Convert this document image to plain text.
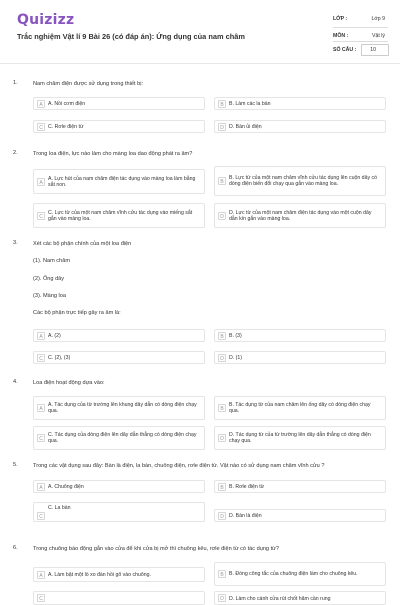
Quizizz
Trắc nghiệm Vật lí 9 Bài 26 (có đáp án): Ứng dụng của nam châm
LỚP :	Lớp 9
MÔN :	Vật lý
SỐ CÂU :	10
1.	Nam châm điện được sử dụng trong thiết bị:
A	A. Nồi cơm điện	B	B. Làm các la bàn
C C. Rơle điện từ	D D. Bàn ủi điện
2.	Trong loa điện, lực nào làm cho màng loa dao động phát ra âm?
A
A. Lực hút của nam châm điện tác dụng vào màng loa làm bằng sắt non.	B
B. Lực từ của một nam châm vĩnh cửu tác dụng lên cuộn dây có dòng điện biến đổi chạy qua gắn vào màng loa.
C
C. Lực từ của một nam châm vĩnh cửu tác dụng vào miếng sắt gắn vào màng loa.	D
D. Lực từ của một nam châm điện tác dụng vào một cuộn dây dẫn kín gắn vào màng loa.
3.	Xét các bộ phận chính của một loa điện
(1). Nam châm
(2). Ống dây
(3). Màng loa
Các bộ phận trực tiếp gây ra âm là:
A	A. (2)	B	B. (3)
C C. (2), (3)	D D. (1)
4.	Loa điện hoạt động dựa vào:
A
A. Tác dụng của từ trường lên khung dây dẫn có dòng điện chạy qua.	B
B. Tác dụng từ của nam châm lên ống dây có dòng điện chạy qua.
C
C. Tác dụng của dòng điện lên dây dẫn thẳng có dòng điện chạy qua.	D
D. Tác dụng từ của từ trường lên dây dẫn thẳng có dòng điện chạy qua.
5.	Trong các vật dụng sau đây: Bàn là điện, la bàn, chuông điện, rơle điện từ. Vật nào có sử dụng nam châm vĩnh cửu ?
A	A. Chuông điện	B	B. Rơle điện từ
C
C. La bàn
D D. Bàn là điện
6.	Trong chuông báo động gắn vào cửa để khi cửa bị mở thì chuông kêu, rơle điện từ có tác dụng từ?
A	A. Làm bật một lò xo đàn hồi gõ vào chuông.	B	B. Đóng công tắc của chuông điện làm cho chuông kêu.
C	D D. Làm cho cánh cửa rút chốt hãm cần rung
